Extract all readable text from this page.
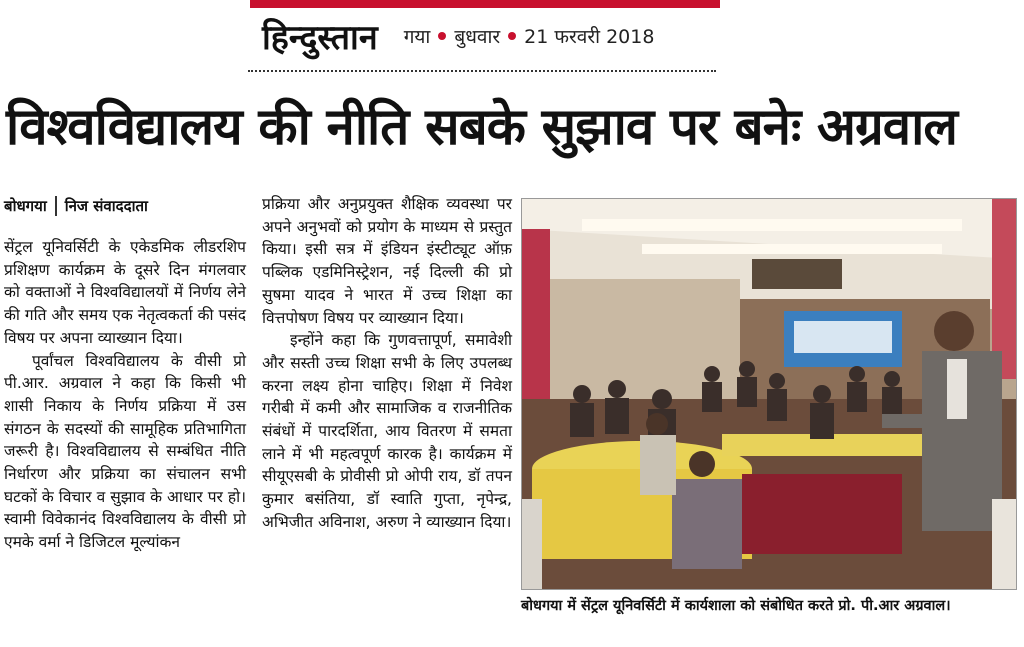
हिन्दुस्तान गया बुधवार 21 फरवरी 2018
विश्वविद्यालय की नीति सबके सुझाव पर बनेः अग्रवाल
बोधगया निज संवाददाता

सेंट्रल यूनिवर्सिटी के एकेडमिक लीडरशिप प्रशिक्षण कार्यक्रम के दूसरे दिन मंगलवार को वक्ताओं ने विश्वविद्यालयों में निर्णय लेने की गति और समय एक नेतृत्वकर्ता की पसंद विषय पर अपना व्याख्यान दिया।

पूर्वांचल विश्वविद्यालय के वीसी प्रो पी.आर. अग्रवाल ने कहा कि किसी भी शासी निकाय के निर्णय प्रक्रिया में उस संगठन के सदस्यों की सामूहिक प्रतिभागिता जरूरी है। विश्वविद्यालय से सम्बंधित नीति निर्धारण और प्रक्रिया का संचालन सभी घटकों के विचार व सुझाव के आधार पर हो। स्वामी विवेकानंद विश्वविद्यालय के वीसी प्रो एमके वर्मा ने डिजिटल मूल्यांकन

प्रक्रिया और अनुप्रयुक्त शैक्षिक व्यवस्था पर अपने अनुभवों को प्रयोग के माध्यम से प्रस्तुत किया। इसी सत्र में इंडियन इंस्टीट्यूट ऑफ़ पब्लिक एडमिनिस्ट्रेशन, नई दिल्ली की प्रो सुषमा यादव ने भारत में उच्च शिक्षा का वित्तपोषण विषय पर व्याख्यान दिया।

इन्होंने कहा कि गुणवत्तापूर्ण, समावेशी और सस्ती उच्च शिक्षा सभी के लिए उपलब्ध करना लक्ष्य होना चाहिए। शिक्षा में निवेश गरीबी में कमी और सामाजिक व राजनीतिक संबंधों में पारदर्शिता, आय वितरण में समता लाने में भी महत्वपूर्ण कारक है। कार्यक्रम में सीयूएसबी के प्रोवीसी प्रो ओपी राय, डॉ तपन कुमार बसंतिया, डॉ स्वाति गुप्ता, नृपेन्द्र, अभिजीत अविनाश, अरुण ने व्याख्यान दिया।

बोधगया में सेंट्रल यूनिवर्सिटी में कार्यशाला को संबोधित करते प्रो. पी.आर अग्रवाल।
